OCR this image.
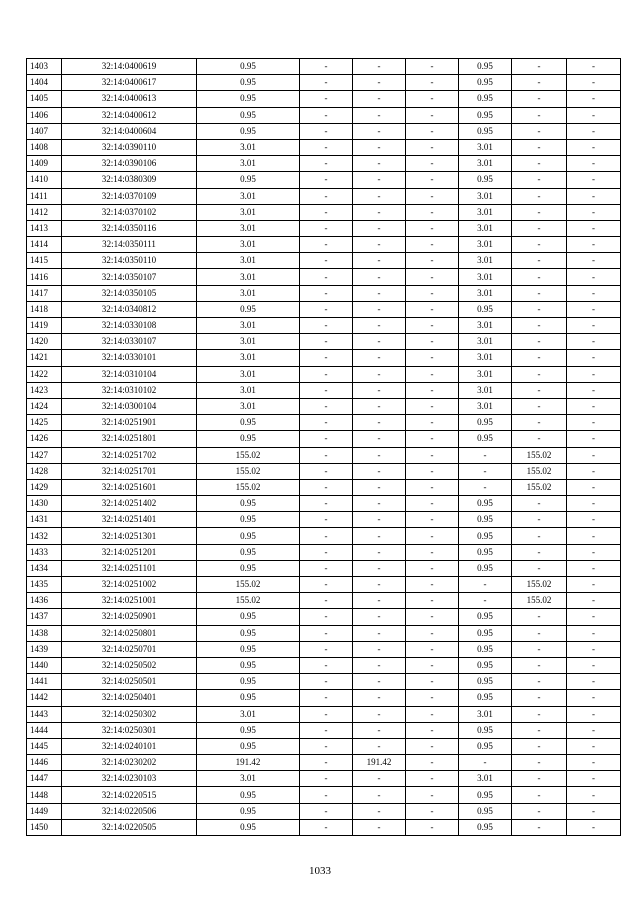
1403	32:14:0400619	0.95	-	-	-	0.95	-	-
1404	32:14:0400617	0.95	-	-	-	0.95	-	-
1405	32:14:0400613	0.95	-	-	-	0.95	-	-
1406	32:14:0400612	0.95	-	-	-	0.95	-	-
1407	32:14:0400604	0.95	-	-	-	0.95	-	-
1408	32:14:0390110	3.01	-	-	-	3.01	-	-
1409	32:14:0390106	3.01	-	-	-	3.01	-	-
1410	32:14:0380309	0.95	-	-	-	0.95	-	-
1411	32:14:0370109	3.01	-	-	-	3.01	-	-
1412	32:14:0370102	3.01	-	-	-	3.01	-	-
1413	32:14:0350116	3.01	-	-	-	3.01	-	-
1414	32:14:0350111	3.01	-	-	-	3.01	-	-
1415	32:14:0350110	3.01	-	-	-	3.01	-	-
1416	32:14:0350107	3.01	-	-	-	3.01	-	-
1417	32:14:0350105	3.01	-	-	-	3.01	-	-
1418	32:14:0340812	0.95	-	-	-	0.95	-	-
1419	32:14:0330108	3.01	-	-	-	3.01	-	-
1420	32:14:0330107	3.01	-	-	-	3.01	-	-
1421	32:14:0330101	3.01	-	-	-	3.01	-	-
1422	32:14:0310104	3.01	-	-	-	3.01	-	-
1423	32:14:0310102	3.01	-	-	-	3.01	-	-
1424	32:14:0300104	3.01	-	-	-	3.01	-	-
1425	32:14:0251901	0.95	-	-	-	0.95	-	-
1426	32:14:0251801	0.95	-	-	-	0.95	-	-
1427	32:14:0251702	155.02	-	-	-	-	155.02	-
1428	32:14:0251701	155.02	-	-	-	-	155.02	-
1429	32:14:0251601	155.02	-	-	-	-	155.02	-
1430	32:14:0251402	0.95	-	-	-	0.95	-	-
1431	32:14:0251401	0.95	-	-	-	0.95	-	-
1432	32:14:0251301	0.95	-	-	-	0.95	-	-
1433	32:14:0251201	0.95	-	-	-	0.95	-	-
1434	32:14:0251101	0.95	-	-	-	0.95	-	-
1435	32:14:0251002	155.02	-	-	-	-	155.02	-
1436	32:14:0251001	155.02	-	-	-	-	155.02	-
1437	32:14:0250901	0.95	-	-	-	0.95	-	-
1438	32:14:0250801	0.95	-	-	-	0.95	-	-
1439	32:14:0250701	0.95	-	-	-	0.95	-	-
1440	32:14:0250502	0.95	-	-	-	0.95	-	-
1441	32:14:0250501	0.95	-	-	-	0.95	-	-
1442	32:14:0250401	0.95	-	-	-	0.95	-	-
1443	32:14:0250302	3.01	-	-	-	3.01	-	-
1444	32:14:0250301	0.95	-	-	-	0.95	-	-
1445	32:14:0240101	0.95	-	-	-	0.95	-	-
1446	32:14:0230202	191.42	-	191.42	-	-	-	-
1447	32:14:0230103	3.01	-	-	-	3.01	-	-
1448	32:14:0220515	0.95	-	-	-	0.95	-	-
1449	32:14:0220506	0.95	-	-	-	0.95	-	-
1450	32:14:0220505	0.95	-	-	-	0.95	-	-
1033
